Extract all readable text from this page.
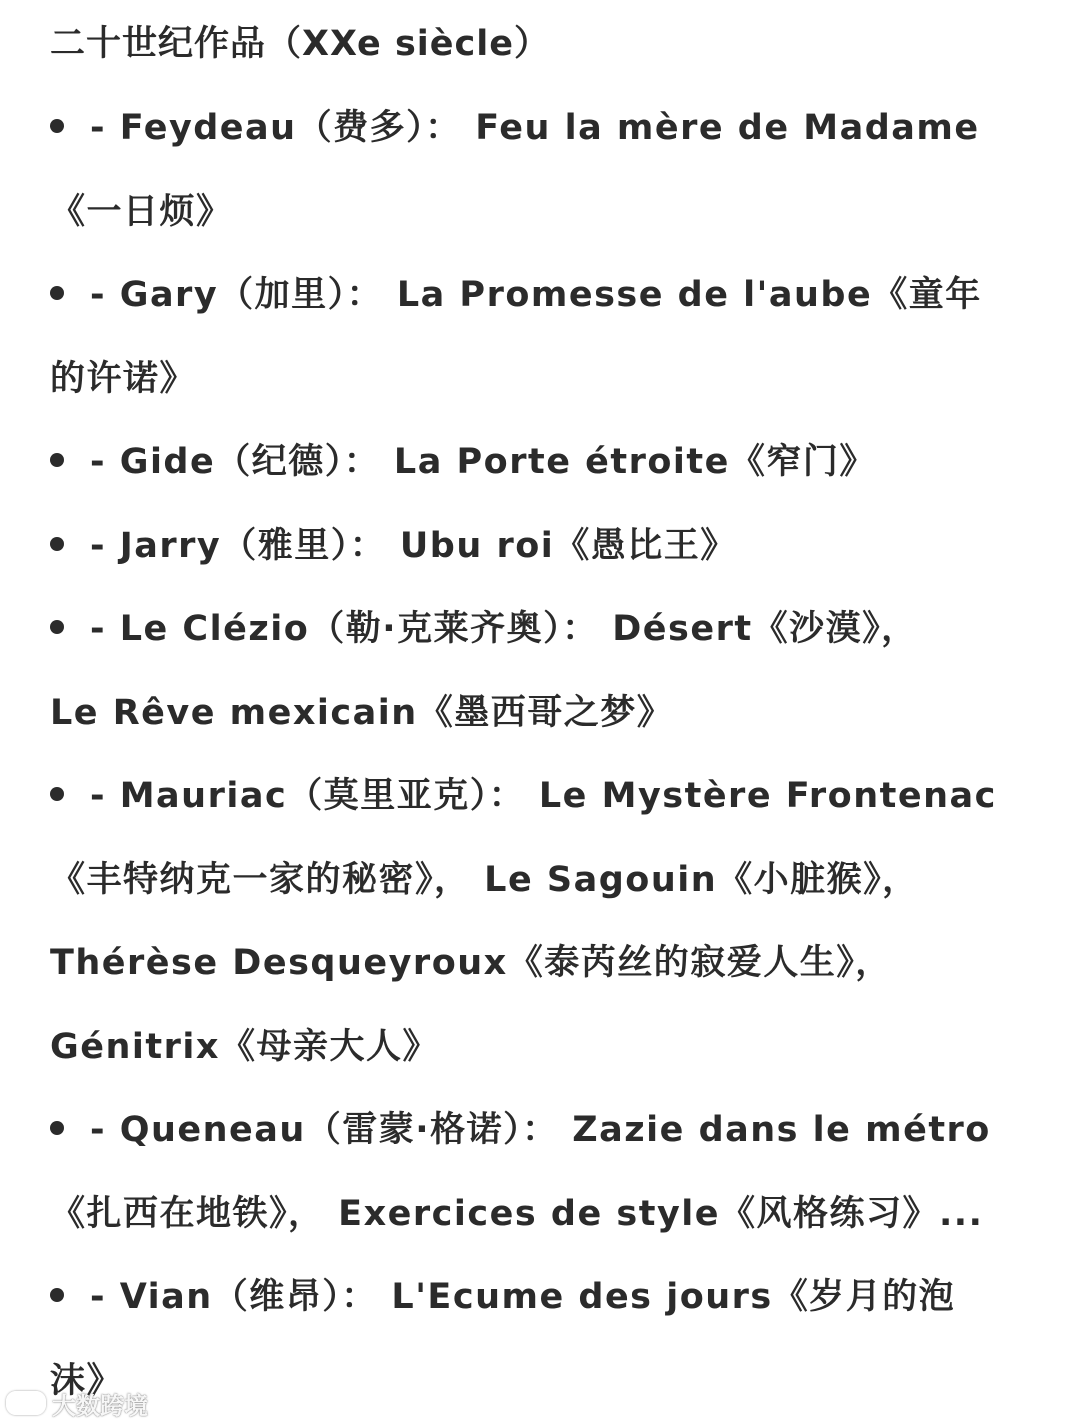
二十世纪作品（XXe siècle）
- Feydeau（费多）： Feu la mère de Madame
《一日烦》
- Gary（加里）： La Promesse de l'aube《童年
的许诺》
- Gide（纪德）： La Porte étroite《窄门》
- Jarry（雅里）： Ubu roi《愚比王》
- Le Clézio（勒·克莱齐奥）： Désert《沙漠》，
Le Rêve mexicain《墨西哥之梦》
- Mauriac（莫里亚克）： Le Mystère Frontenac
《丰特纳克一家的秘密》， Le Sagouin《小脏猴》，
Thérèse Desqueyroux《泰芮丝的寂爱人生》，
Génitrix《母亲大人》
- Queneau（雷蒙·格诺）： Zazie dans le métro
《扎西在地铁》， Exercices de style《风格练习》...
- Vian（维昂）： L'Ecume des jours《岁月的泡
沫》
大数跨境
